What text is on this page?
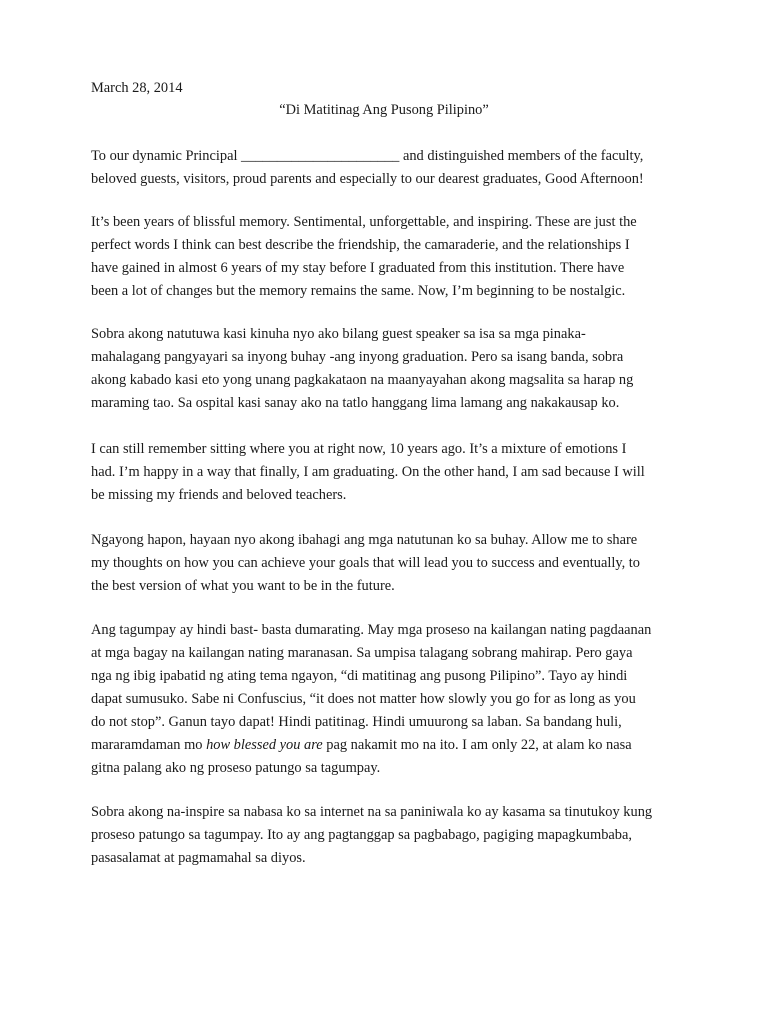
March 28, 2014
“Di Matitinag Ang Pusong Pilipino”
To our dynamic Principal ______________________ and distinguished members of the faculty,
beloved guests, visitors, proud parents and especially to our dearest graduates, Good Afternoon!
It’s been years of blissful memory. Sentimental, unforgettable, and inspiring. These are just the
perfect words I think can best describe the friendship, the camaraderie, and the relationships I
have gained in almost 6 years of my stay before I graduated from this institution. There have
been a lot of changes but the memory remains the same. Now, I’m beginning to be nostalgic.
Sobra akong natutuwa kasi kinuha nyo ako bilang guest speaker sa isa sa mga pinaka-
mahalagang pangyayari sa inyong buhay -ang inyong graduation. Pero sa isang banda, sobra
akong kabado kasi eto yong unang pagkakataon na maanyayahan akong magsalita sa harap ng
maraming tao. Sa ospital kasi sanay ako na tatlo hanggang lima lamang ang nakakausap ko.
I can still remember sitting where you at right now, 10 years ago. It’s a mixture of emotions I
had. I’m happy in a way that finally, I am graduating. On the other hand, I am sad because I will
be missing my friends and beloved teachers.
Ngayong hapon, hayaan nyo akong ibahagi ang mga natutunan ko sa buhay. Allow me to share
my thoughts on how you can achieve your goals that will lead you to success and eventually, to
the best version of what you want to be in the future.
Ang tagumpay ay hindi bast- basta dumarating. May mga proseso na kailangan nating pagdaanan
at mga bagay na kailangan nating maranasan. Sa umpisa talagang sobrang mahirap. Pero gaya
nga ng ibig ipabatid ng ating tema ngayon, “di matitinag ang pusong Pilipino”. Tayo ay hindi
dapat sumusuko. Sabe ni Confuscius, “it does not matter how slowly you go for as long as you
do not stop”. Ganun tayo dapat! Hindi patitinag. Hindi umuurong sa laban. Sa bandang huli,
mararamdaman mo how blessed you are pag nakamit mo na ito. I am only 22, at alam ko nasa
gitna palang ako ng proseso patungo sa tagumpay.
Sobra akong na-inspire sa nabasa ko sa internet na sa paniniwala ko ay kasama sa tinutukoy kung
proseso patungo sa tagumpay. Ito ay ang pagtanggap sa pagbabago, pagiging mapagkumbaba,
pasasalamat at pagmamahal sa diyos.
